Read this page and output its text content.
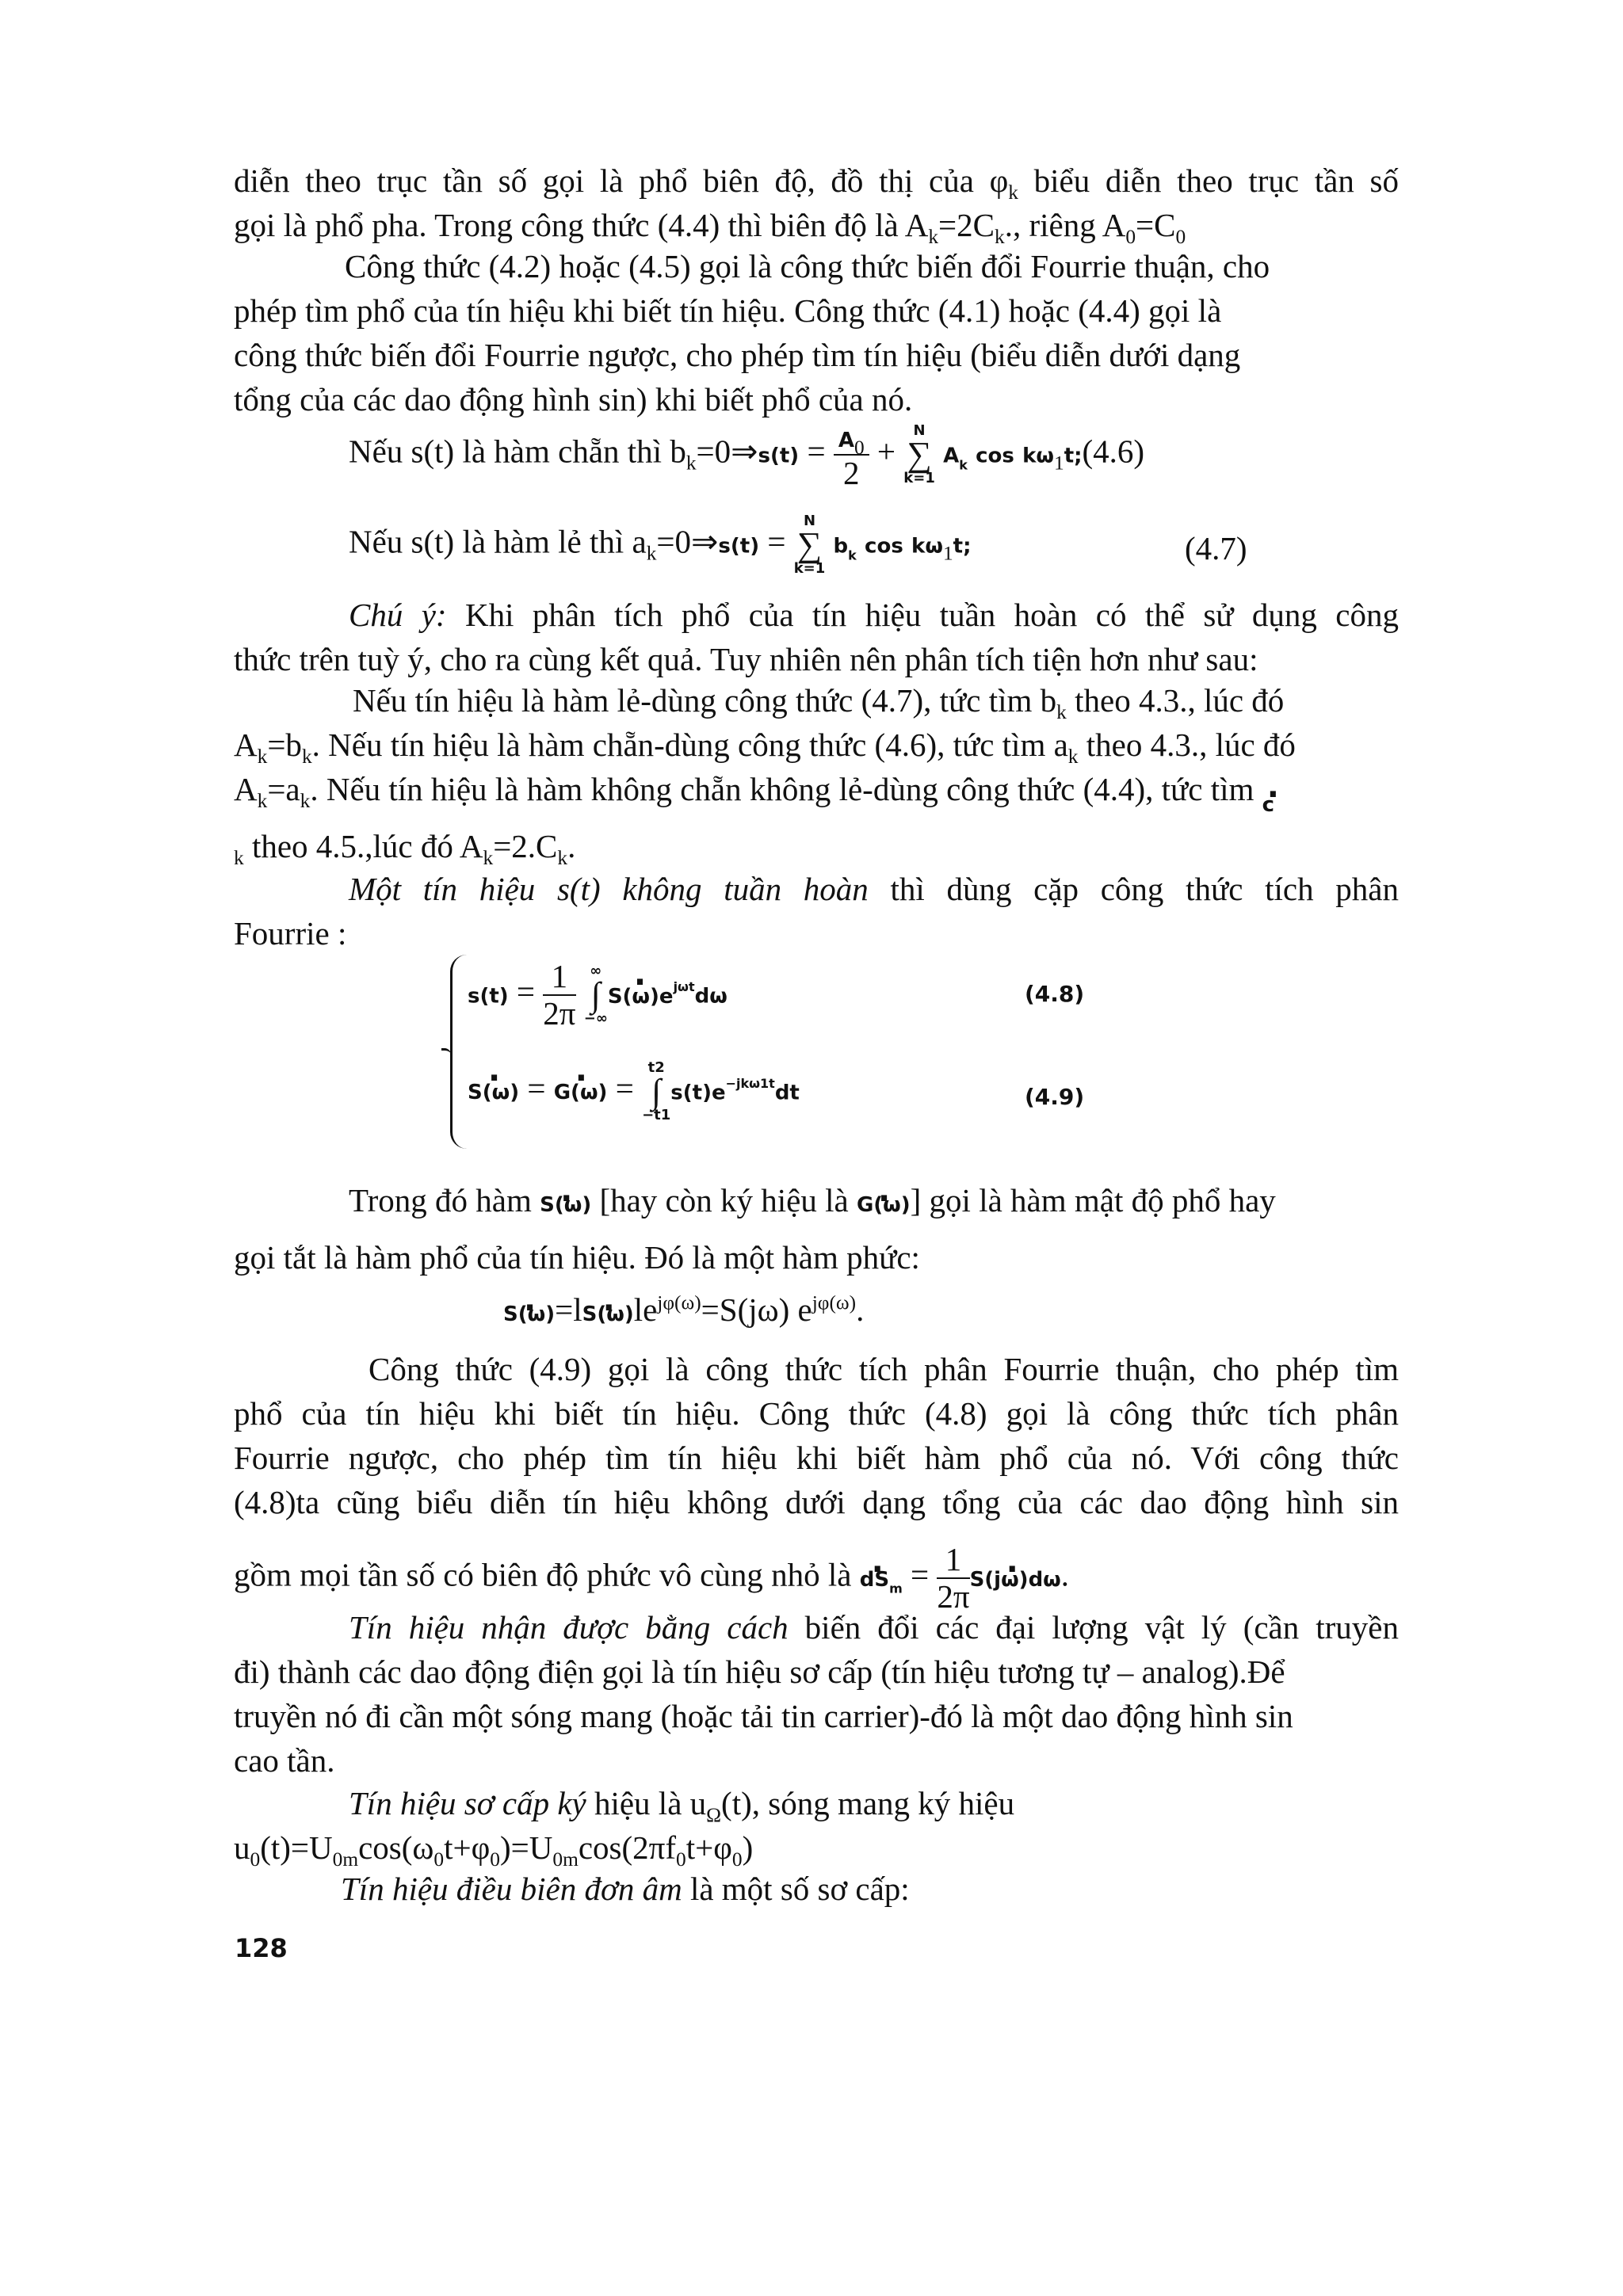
diễn theo trục tần số gọi là phổ biên độ, đồ thị của $\varphi_k$ biểu diễn theo trục tần số
gọi là phổ pha. Trong công thức (4.4) thì biên độ là $A_k=2C_k$., riêng $A_0=C_0$

Công thức (4.2) hoặc (4.5) gọi là công thức biến đổi Fourrie thuận, cho
phép tìm phổ của tín hiệu khi biết tín hiệu. Công thức (4.1) hoặc (4.4) gọi là
công thức biến đổi Fourrie ngược, cho phép tìm tín hiệu (biểu diễn dưới dạng
tổng của các dao động hình sin) khi biết phổ của nó.

Nếu s(t) là hàm chẵn thì $b_k=0\Rightarrow s(t) = \frac{A_0}{2}$ +
N
∑
k=1
$A_k$ $\cos k\omega_1t;(4.6)$
Nếu s(t) là hàm lẻ thì $a_k=0\Rightarrow s(t)$ =
N
∑
k=1
$b_k$ $\cos k\omega_1t$;	(4.7)

Chú ý: Khi phân tích phổ của tín hiệu tuần hoàn có thể sử dụng công
thức trên tuỳ ý, cho ra cùng kết quả. Tuy nhiên nên phân tích tiện hơn như sau:

Nếu tín hiệu là hàm lẻ-dùng công thức (4.7), tức tìm $b_k$ theo 4.3., lúc đó
$A_k=b_k$. Nếu tín hiệu là hàm chẵn-dùng công thức (4.6), tức tìm $a_k$ theo 4.3., lúc đó
$A_k=a_k$. Nếu tín hiệu là hàm không chẵn không lẻ-dùng công thức (4.4), tức tìm · $_c$
$_k$ theo 4.5.,lúc đó $A_k=2.C_k$.

Một tín hiệu s(t) không tuần hoàn thì dùng cặp công thức tích phân
Fourrie :

$s(t) = \frac{1}{2\pi}$
∞
∫
−∞
· $S(\omega)e^{j\omega t}d\omega$	(4.8)
· S(ω) = · G(ω) =
t2
∫
−t1
$s(t)e^{-jk\omega 1t}dt$	(4.9)

Trong đó hàm · S(ω) [hay còn ký hiệu là · G(ω)] gọi là hàm mật độ phổ hay
gọi tắt là hàm phổ của tín hiệu. Đó là một hàm phức:
· $S(\omega)=l\cdot S(\omega)le^{j\varphi(\omega)}=S(j\omega)$ $e^{j\varphi(\omega)}$.

Công thức (4.9) gọi là công thức tích phân Fourrie thuận, cho phép tìm
phổ của tín hiệu khi biết tín hiệu. Công thức (4.8) gọi là công thức tích phân
Fourrie ngược, cho phép tìm tín hiệu khi biết hàm phổ của nó. Với công thức
(4.8)ta cũng biểu diễn tín hiệu không dưới dạng tổng của các dao động hình sin
gồm mọi tần số có biên độ phức vô cùng nhỏ là · $dS_m = \frac{1}{2\pi}$
· S(jω)dω.

Tín hiệu nhận được bằng cách biến đổi các đại lượng vật lý (cần truyền
đi) thành các dao động điện gọi là tín hiệu sơ cấp (tín hiệu tương tự – analog).Để
truyền nó đi cần một sóng mang (hoặc tải tin carrier)-đó là một dao động hình sin
cao tần.

Tín hiệu sơ cấp ký hiệu là $u_\Omega(t)$, sóng mang ký hiệu
$u_0(t)=U_{0m}\cos(\omega_0t+\varphi_0)=U_{0m}\cos(2\pi f_0t+\varphi_0)$

Tín hiệu điều biên đơn âm là một số sơ cấp:

128
